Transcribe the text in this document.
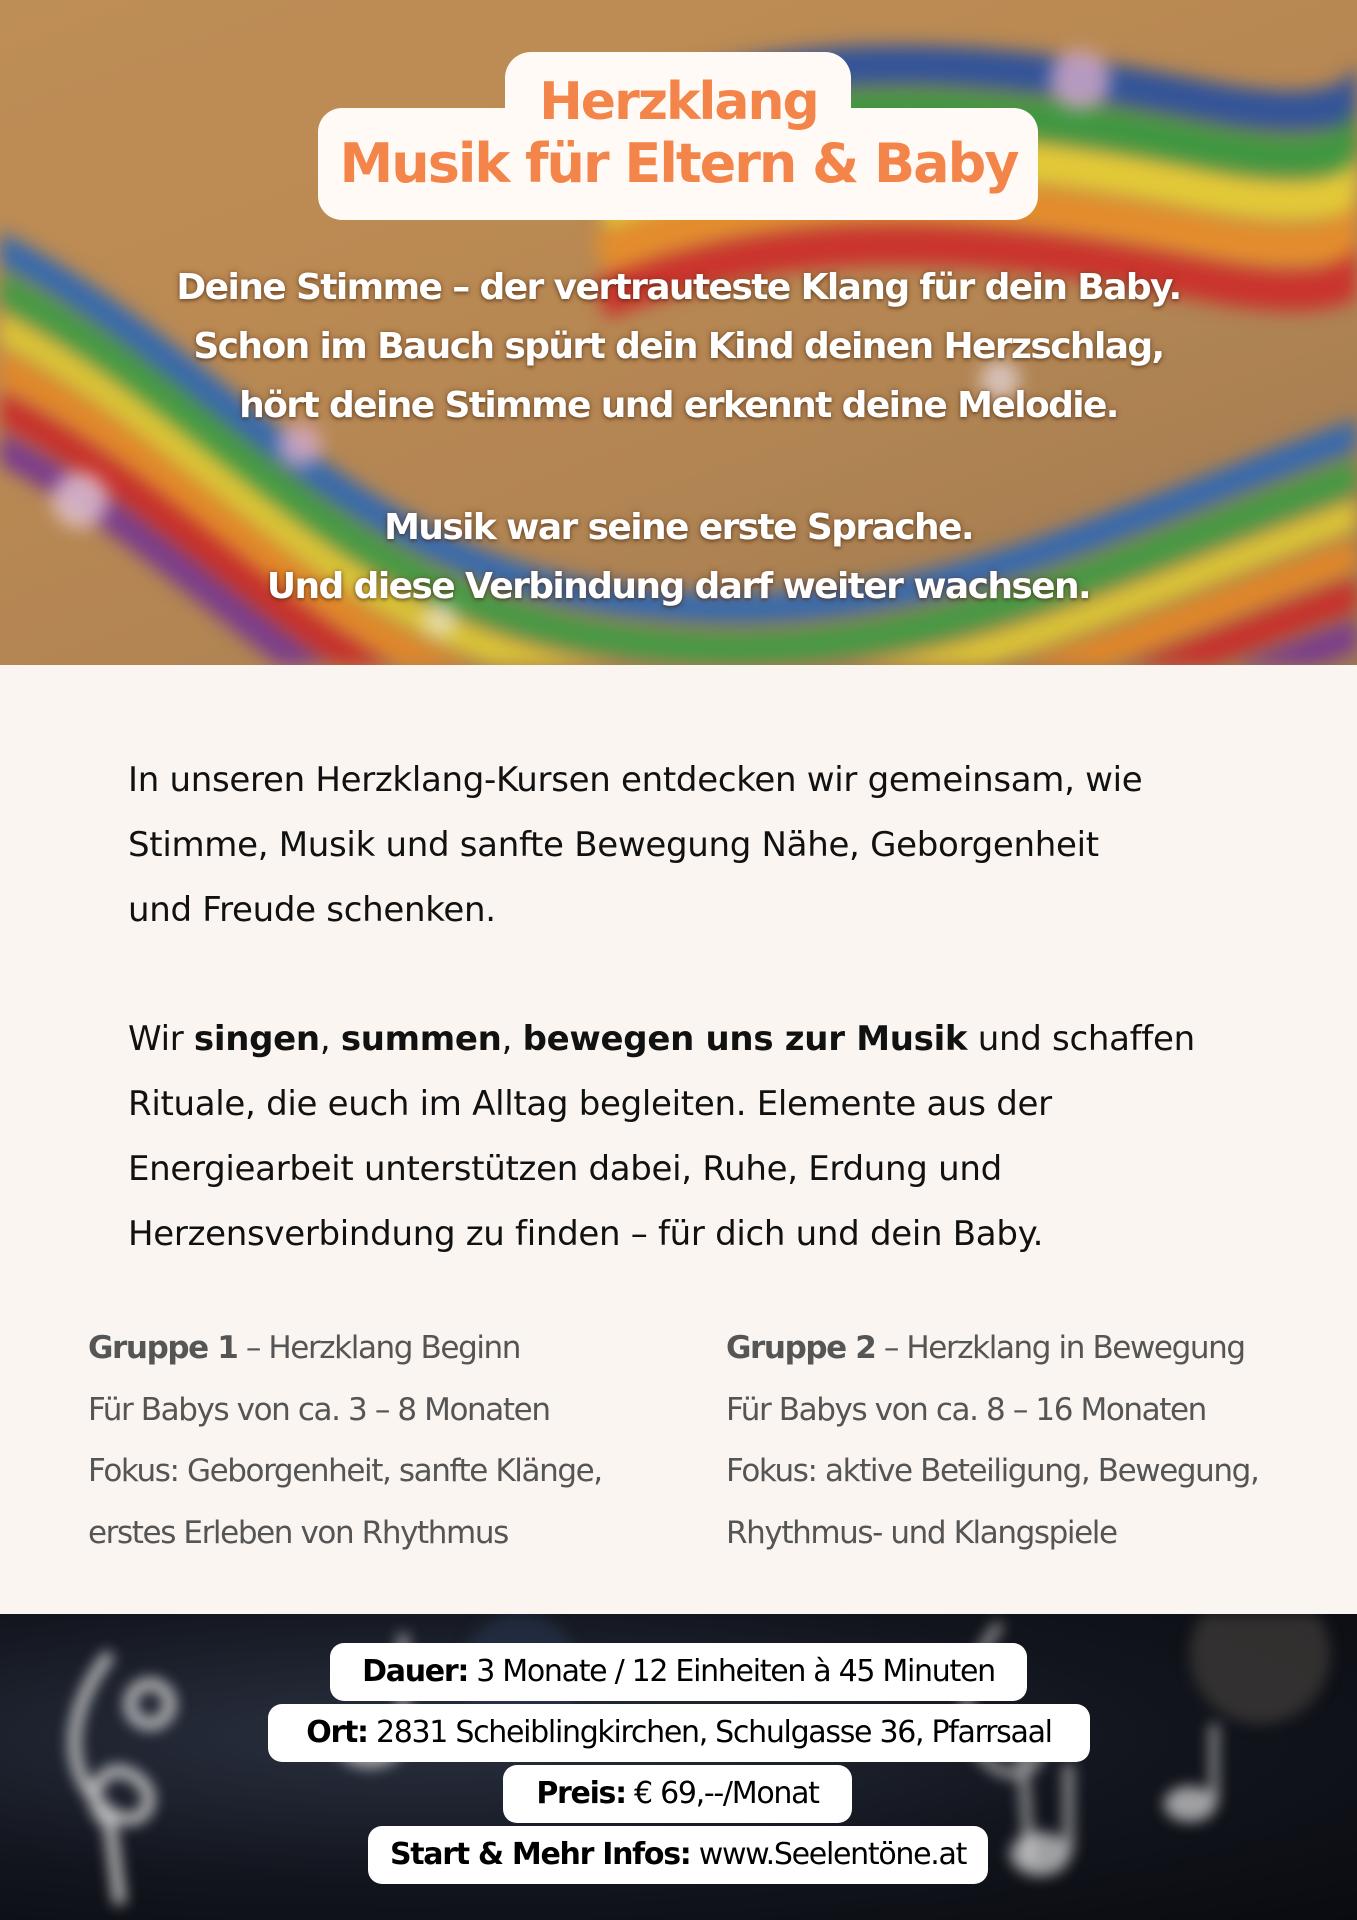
Herzklang
Musik für Eltern & Baby

Deine Stimme – der vertrauteste Klang für dein Baby.
Schon im Bauch spürt dein Kind deinen Herzschlag,
hört deine Stimme und erkennt deine Melodie.

Musik war seine erste Sprache.
Und diese Verbindung darf weiter wachsen.

In unseren Herzklang-Kursen entdecken wir gemeinsam, wie
Stimme, Musik und sanfte Bewegung Nähe, Geborgenheit
und Freude schenken.

Wir singen, summen, bewegen uns zur Musik und schaffen
Rituale, die euch im Alltag begleiten. Elemente aus der
Energiearbeit unterstützen dabei, Ruhe, Erdung und
Herzensverbindung zu finden – für dich und dein Baby.

Gruppe 1 – Herzklang Beginn
Für Babys von ca. 3 – 8 Monaten
Fokus: Geborgenheit, sanfte Klänge,
erstes Erleben von Rhythmus
Gruppe 2 – Herzklang in Bewegung
Für Babys von ca. 8 – 16 Monaten
Fokus: aktive Beteiligung, Bewegung,
Rhythmus- und Klangspiele
Dauer: 3 Monate / 12 Einheiten à 45 Minuten
Ort: 2831 Scheiblingkirchen, Schulgasse 36, Pfarrsaal
Preis: € 69,--/Monat
Start & Mehr Infos: www.Seelentöne.at
